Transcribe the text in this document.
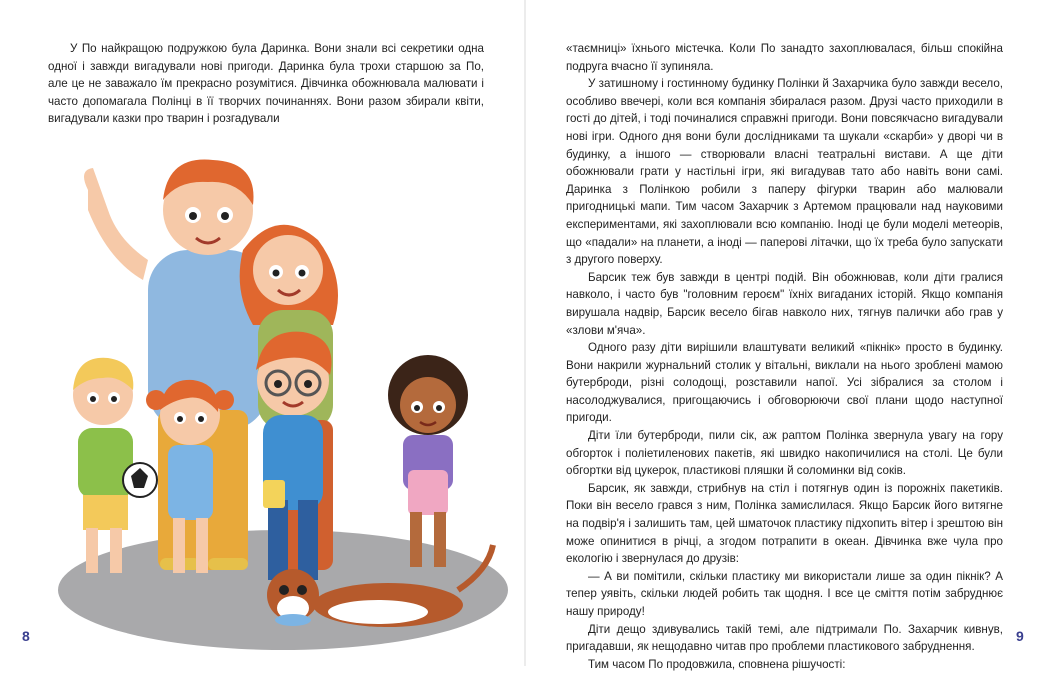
У По найкращою подружкою була Даринка. Вони знали всі секретики одна одної і завжди вигадували нові пригоди. Даринка була трохи старшою за По, але це не заважало їм прекрасно розумітися. Дівчинка обожнювала малювати і часто допомагала Полінці в її творчих починаннях. Вони разом збирали квіти, вигадували казки про тварин і розгадували

8

«таємниці» їхнього містечка. Коли По занадто захоплювалася, більш спокійна подруга вчасно її зупиняла.

У затишному і гостинному будинку Полінки й Захарчика було завжди весело, особливо ввечері, коли вся компанія збиралася разом. Друзі часто приходили в гості до дітей, і тоді починалися справжні пригоди. Вони повсякчасно вигадували нові ігри. Одного дня вони були дослідниками та шукали «скарби» у дворі чи в будинку, а іншого — створювали власні театральні вистави. А ще діти обожнювали грати у настільні ігри, які вигадував тато або навіть вони самі. Даринка з Полінкою робили з паперу фігурки тварин або малювали пригодницькі мапи. Тим часом Захарчик з Артемом працювали над науковими експериментами, які захоплювали всю компанію. Іноді це були моделі метеорів, що «падали» на планети, а іноді — паперові літачки, що їх треба було запускати з другого поверху.

Барсик теж був завжди в центрі подій. Він обожнював, коли діти гралися навколо, і часто був "головним героєм" їхніх вигаданих історій. Якщо компанія вирушала надвір, Барсик весело бігав навколо них, тягнув палички або грав у «злови м'яча».

Одного разу діти вирішили влаштувати великий «пікнік» просто в будинку. Вони накрили журнальний столик у вітальні, виклали на нього зроблені мамою бутерброди, різні солодощі, розставили напої. Усі зібралися за столом і насолоджувалися, пригощаючись і обговорюючи свої плани щодо наступної пригоди.

Діти їли бутерброди, пили сік, аж раптом Полінка звернула увагу на гору обгорток і поліетиленових пакетів, які швидко накопичилися на столі. Це були обгортки від цукерок, пластикові пляшки й соломинки від соків.

Барсик, як завжди, стрибнув на стіл і потягнув один із порожніх пакетиків. Поки він весело грався з ним, Полінка замислилася. Якщо Барсик його витягне на подвір'я і залишить там, цей шматочок пластику підхопить вітер і зрештою він може опинитися в річці, а згодом потрапити в океан. Дівчинка вже чула про екологію і звернулася до друзів:

— А ви помітили, скільки пластику ми використали лише за один пікнік? А тепер уявіть, скільки людей робить так щодня. І все це сміття потім забруднює нашу природу!

Діти дещо здивувались такій темі, але підтримали По. Захарчик кивнув, пригадавши, як нещодавно читав про проблеми пластикового забруднення.

Тим часом По продовжила, сповнена рішучості:

9
